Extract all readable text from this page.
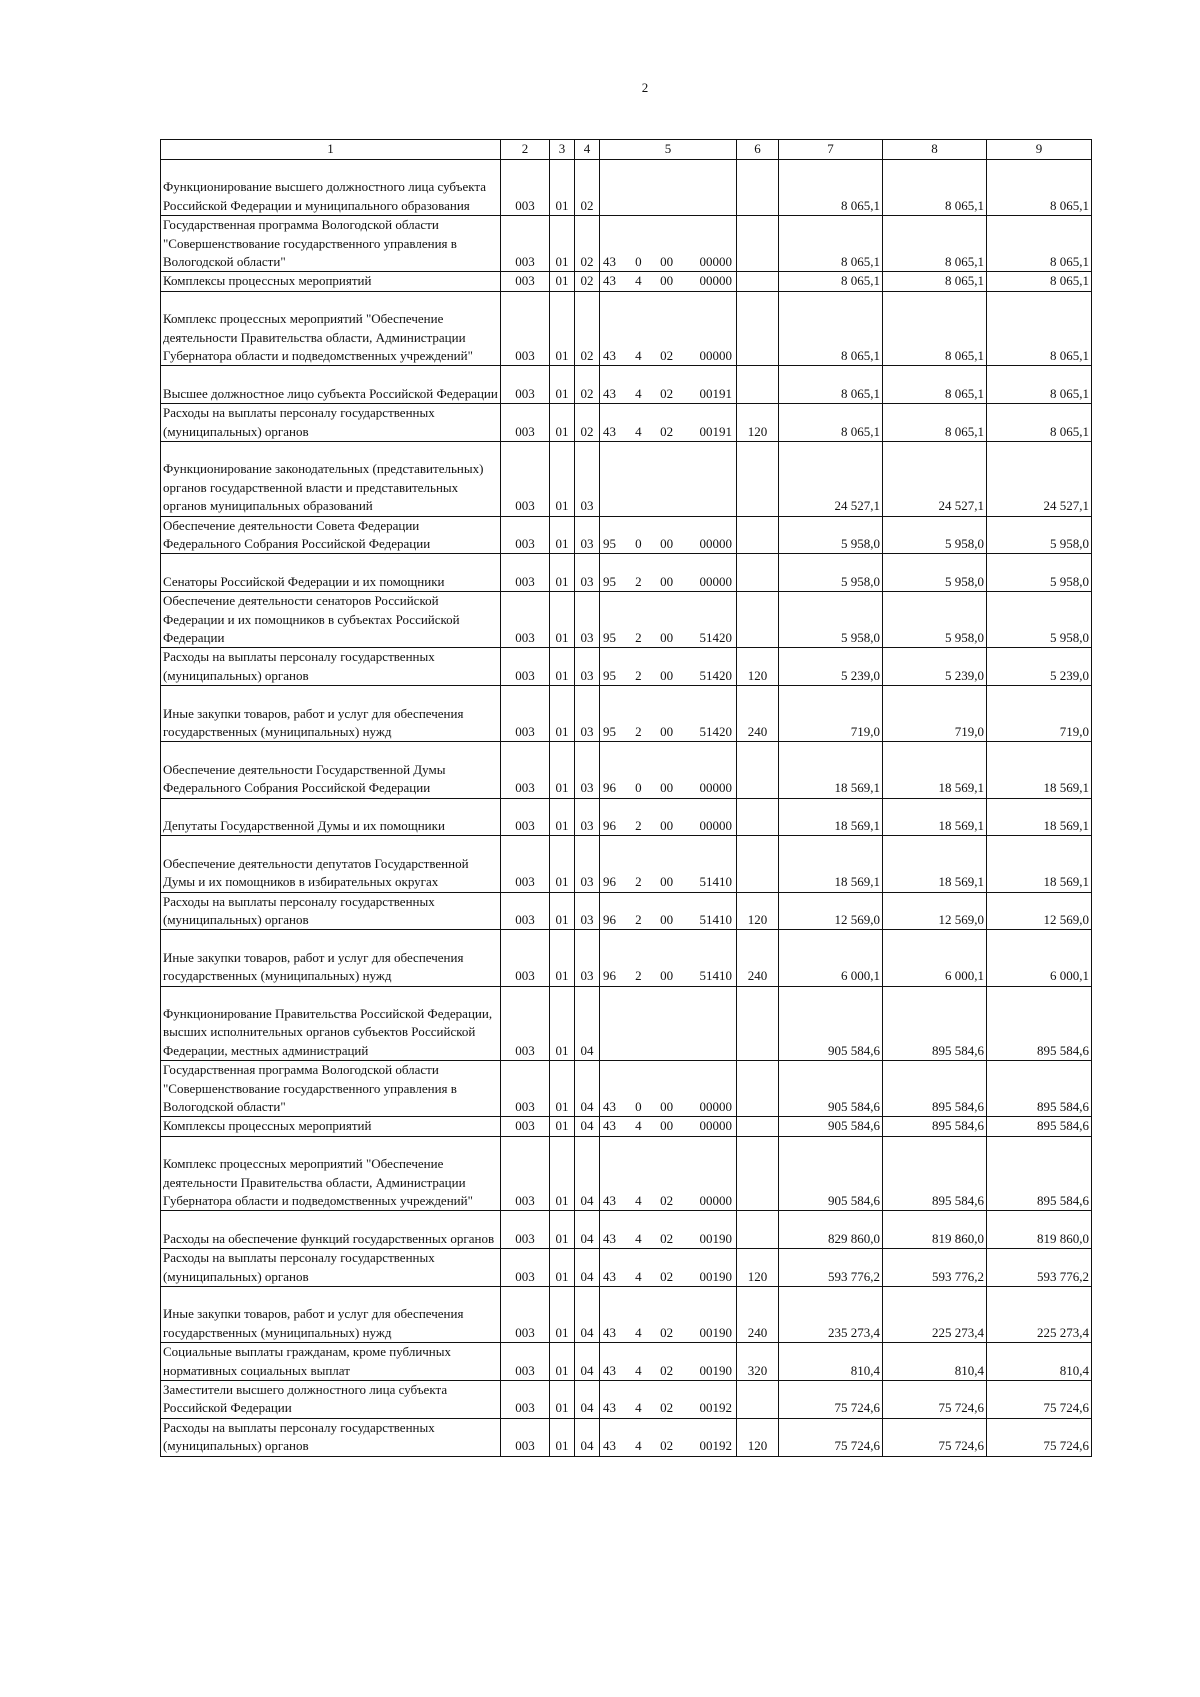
2
1	2	3	4	5	6	7	8	9
Функционирование высшего должностного лица субъекта Российской Федерации и муниципального образования	003	01	02			8 065,1	8 065,1	8 065,1
Государственная программа Вологодской области "Совершенствование государственного управления в Вологодской области"	003	01	02	43 0 00 00000		8 065,1	8 065,1	8 065,1
Комплексы процессных мероприятий	003	01	02	43 4 00 00000		8 065,1	8 065,1	8 065,1
Комплекс процессных мероприятий "Обеспечение деятельности Правительства области, Администрации Губернатора области и подведомственных учреждений"	003	01	02	43 4 02 00000		8 065,1	8 065,1	8 065,1
Высшее должностное лицо субъекта Российской Федерации	003	01	02	43 4 02 00191		8 065,1	8 065,1	8 065,1
Расходы на выплаты персоналу государственных (муниципальных) органов	003	01	02	43 4 02 00191	120	8 065,1	8 065,1	8 065,1
Функционирование законодательных (представительных) органов государственной власти и представительных органов муниципальных образований	003	01	03			24 527,1	24 527,1	24 527,1
Обеспечение деятельности Совета Федерации Федерального Собрания Российской Федерации	003	01	03	95 0 00 00000		5 958,0	5 958,0	5 958,0
Сенаторы Российской Федерации и их помощники	003	01	03	95 2 00 00000		5 958,0	5 958,0	5 958,0
Обеспечение деятельности сенаторов Российской Федерации и их помощников в субъектах Российской Федерации	003	01	03	95 2 00 51420		5 958,0	5 958,0	5 958,0
Расходы на выплаты персоналу государственных (муниципальных) органов	003	01	03	95 2 00 51420	120	5 239,0	5 239,0	5 239,0
Иные закупки товаров, работ и услуг для обеспечения государственных (муниципальных) нужд	003	01	03	95 2 00 51420	240	719,0	719,0	719,0
Обеспечение деятельности Государственной Думы Федерального Собрания Российской Федерации	003	01	03	96 0 00 00000		18 569,1	18 569,1	18 569,1
Депутаты Государственной Думы и их помощники	003	01	03	96 2 00 00000		18 569,1	18 569,1	18 569,1
Обеспечение деятельности депутатов Государственной Думы и их помощников в избирательных округах	003	01	03	96 2 00 51410		18 569,1	18 569,1	18 569,1
Расходы на выплаты персоналу государственных (муниципальных) органов	003	01	03	96 2 00 51410	120	12 569,0	12 569,0	12 569,0
Иные закупки товаров, работ и услуг для обеспечения государственных (муниципальных) нужд	003	01	03	96 2 00 51410	240	6 000,1	6 000,1	6 000,1
Функционирование Правительства Российской Федерации, высших исполнительных органов субъектов Российской Федерации, местных администраций	003	01	04			905 584,6	895 584,6	895 584,6
Государственная программа Вологодской области "Совершенствование государственного управления в Вологодской области"	003	01	04	43 0 00 00000		905 584,6	895 584,6	895 584,6
Комплексы процессных мероприятий	003	01	04	43 4 00 00000		905 584,6	895 584,6	895 584,6
Комплекс процессных мероприятий "Обеспечение деятельности Правительства области, Администрации Губернатора области и подведомственных учреждений"	003	01	04	43 4 02 00000		905 584,6	895 584,6	895 584,6
Расходы на обеспечение функций государственных органов	003	01	04	43 4 02 00190		829 860,0	819 860,0	819 860,0
Расходы на выплаты персоналу государственных (муниципальных) органов	003	01	04	43 4 02 00190	120	593 776,2	593 776,2	593 776,2
Иные закупки товаров, работ и услуг для обеспечения государственных (муниципальных) нужд	003	01	04	43 4 02 00190	240	235 273,4	225 273,4	225 273,4
Социальные выплаты гражданам, кроме публичных нормативных социальных выплат	003	01	04	43 4 02 00190	320	810,4	810,4	810,4
Заместители высшего должностного лица субъекта Российской Федерации	003	01	04	43 4 02 00192		75 724,6	75 724,6	75 724,6
Расходы на выплаты персоналу государственных (муниципальных) органов	003	01	04	43 4 02 00192	120	75 724,6	75 724,6	75 724,6
